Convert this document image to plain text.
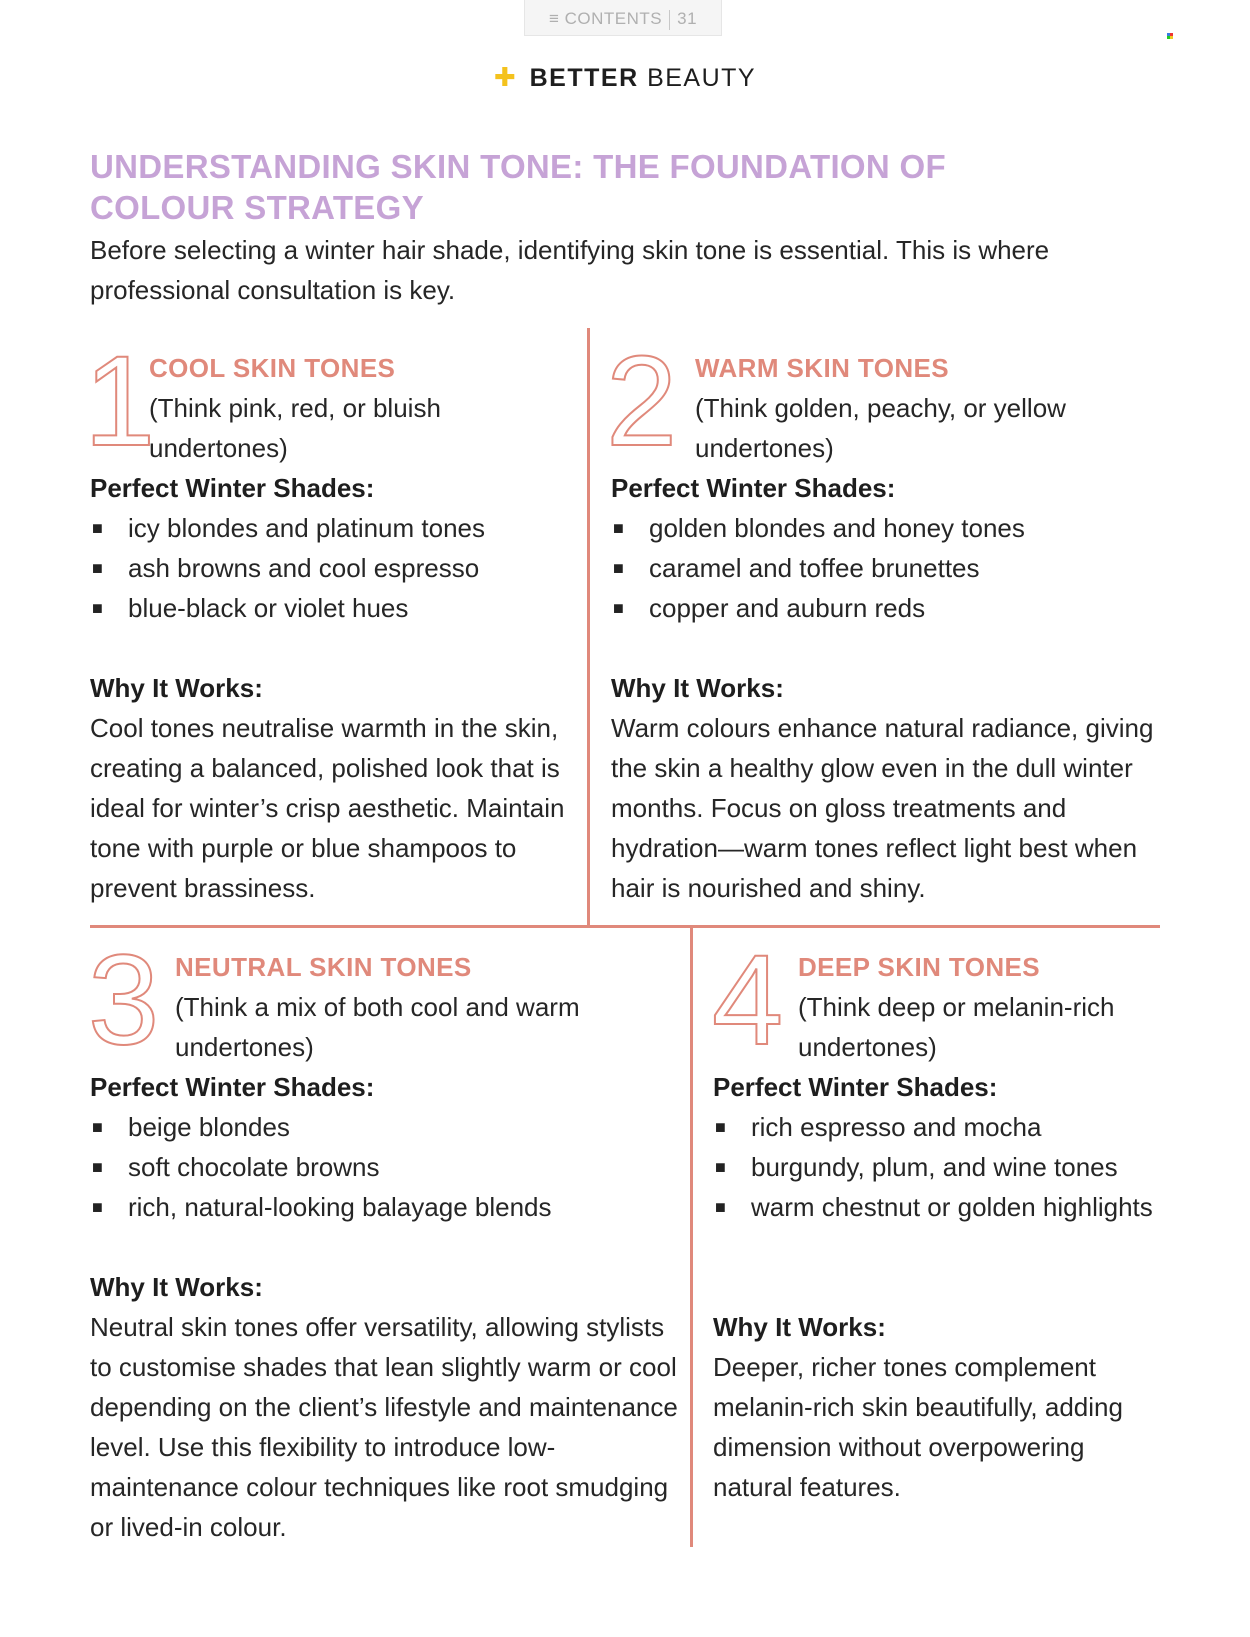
≡ CONTENTS 31
✚ BETTER BEAUTY
UNDERSTANDING SKIN TONE: THE FOUNDATION OF COLOUR STRATEGY
Before selecting a winter hair shade, identifying skin tone is essential. This is where professional consultation is key.
1
COOL SKIN TONES
(Think pink, red, or bluish undertones)
Perfect Winter Shades:
■ icy blondes and platinum tones
■ ash browns and cool espresso
■ blue-black or violet hues
Why It Works:
Cool tones neutralise warmth in the skin, creating a balanced, polished look that is ideal for winter’s crisp aesthetic. Maintain tone with purple or blue shampoos to prevent brassiness.
2 WARM SKIN TONES
(Think golden, peachy, or yellow undertones)
Perfect Winter Shades:
■ golden blondes and honey tones
■ caramel and toffee brunettes
■ copper and auburn reds
Why It Works:
Warm colours enhance natural radiance, giving the skin a healthy glow even in the dull winter months. Focus on gloss treatments and hydration—warm tones reflect light best when hair is nourished and shiny.
3 NEUTRAL SKIN TONES
(Think a mix of both cool and warm undertones)
Perfect Winter Shades:
■ beige blondes
■ soft chocolate browns
■ rich, natural-looking balayage blends
Why It Works:
Neutral skin tones offer versatility, allowing stylists to customise shades that lean slightly warm or cool depending on the client’s lifestyle and maintenance level. Use this flexibility to introduce low-maintenance colour techniques like root smudging or lived-in colour.
4 DEEP SKIN TONES
(Think deep or melanin-rich undertones)
Perfect Winter Shades:
■ rich espresso and mocha
■ burgundy, plum, and wine tones
■ warm chestnut or golden highlights
Why It Works:
Deeper, richer tones complement melanin-rich skin beautifully, adding dimension without overpowering natural features.
